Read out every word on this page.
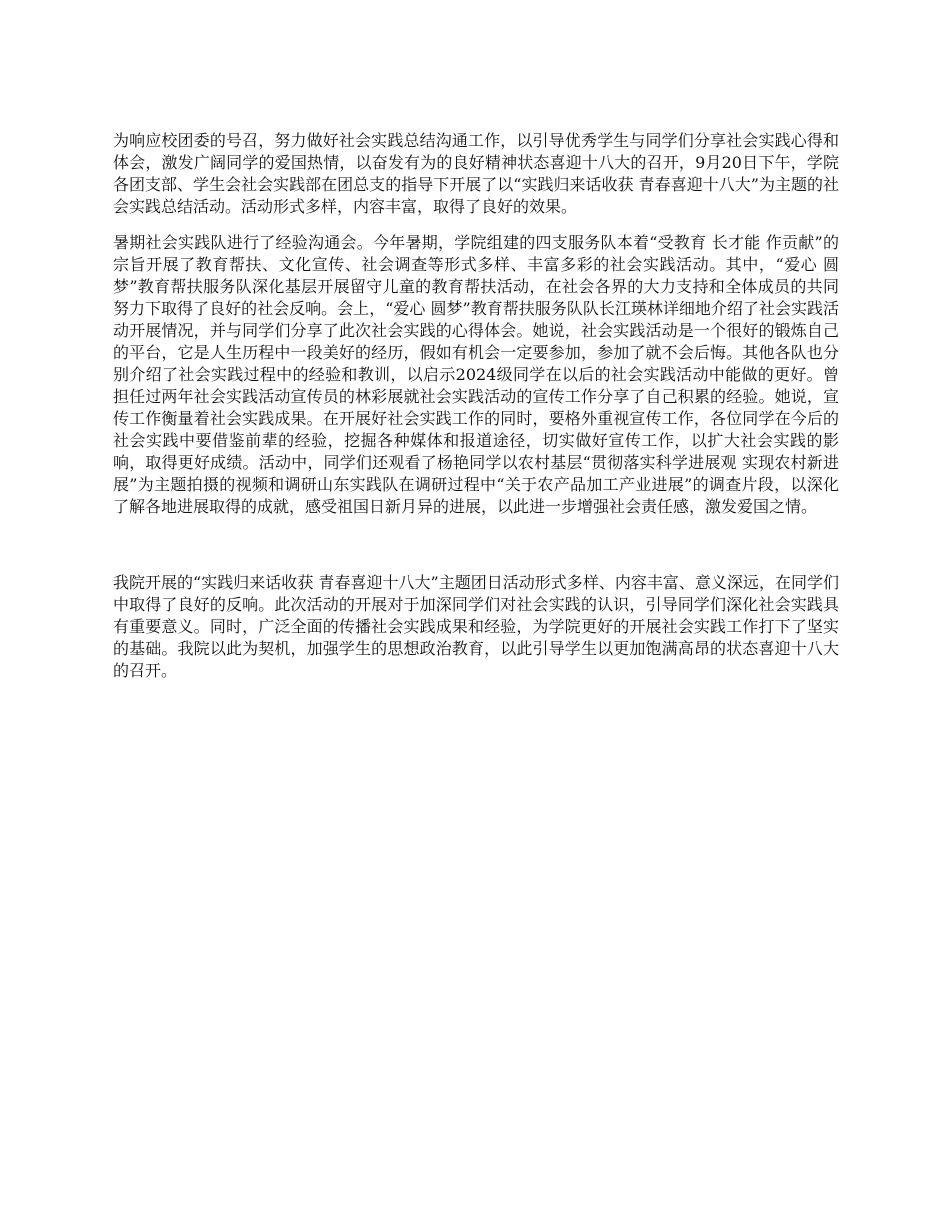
为响应校团委的号召，努力做好社会实践总结沟通工作，以引导优秀学生与同学们分享社会实践心得和体会，激发广阔同学的爱国热情，以奋发有为的良好精神状态喜迎十八大的召开，9月20日下午，学院各团支部、学生会社会实践部在团总支的指导下开展了以“实践归来话收获 青春喜迎十八大”为主题的社会实践总结活动。活动形式多样，内容丰富，取得了良好的效果。

暑期社会实践队进行了经验沟通会。今年暑期，学院组建的四支服务队本着“受教育 长才能 作贡献”的宗旨开展了教育帮扶、文化宣传、社会调查等形式多样、丰富多彩的社会实践活动。其中，“爱心 圆梦”教育帮扶服务队深化基层开展留守儿童的教育帮扶活动，在社会各界的大力支持和全体成员的共同努力下取得了良好的社会反响。会上，“爱心 圆梦”教育帮扶服务队队长江瑛林详细地介绍了社会实践活动开展情况，并与同学们分享了此次社会实践的心得体会。她说，社会实践活动是一个很好的锻炼自己的平台，它是人生历程中一段美好的经历，假如有机会一定要参加，参加了就不会后悔。其他各队也分别介绍了社会实践过程中的经验和教训，以启示2024级同学在以后的社会实践活动中能做的更好。曾担任过两年社会实践活动宣传员的林彩展就社会实践活动的宣传工作分享了自己积累的经验。她说，宣传工作衡量着社会实践成果。在开展好社会实践工作的同时，要格外重视宣传工作，各位同学在今后的社会实践中要借鉴前辈的经验，挖掘各种媒体和报道途径，切实做好宣传工作，以扩大社会实践的影响，取得更好成绩。活动中，同学们还观看了杨艳同学以农村基层“贯彻落实科学进展观 实现农村新进展”为主题拍摄的视频和调研山东实践队在调研过程中“关于农产品加工产业进展”的调查片段，以深化了解各地进展取得的成就，感受祖国日新月异的进展，以此进一步增强社会责任感，激发爱国之情。

我院开展的“实践归来话收获 青春喜迎十八大”主题团日活动形式多样、内容丰富、意义深远，在同学们中取得了良好的反响。此次活动的开展对于加深同学们对社会实践的认识，引导同学们深化社会实践具有重要意义。同时，广泛全面的传播社会实践成果和经验，为学院更好的开展社会实践工作打下了坚实的基础。我院以此为契机，加强学生的思想政治教育，以此引导学生以更加饱满高昂的状态喜迎十八大的召开。
